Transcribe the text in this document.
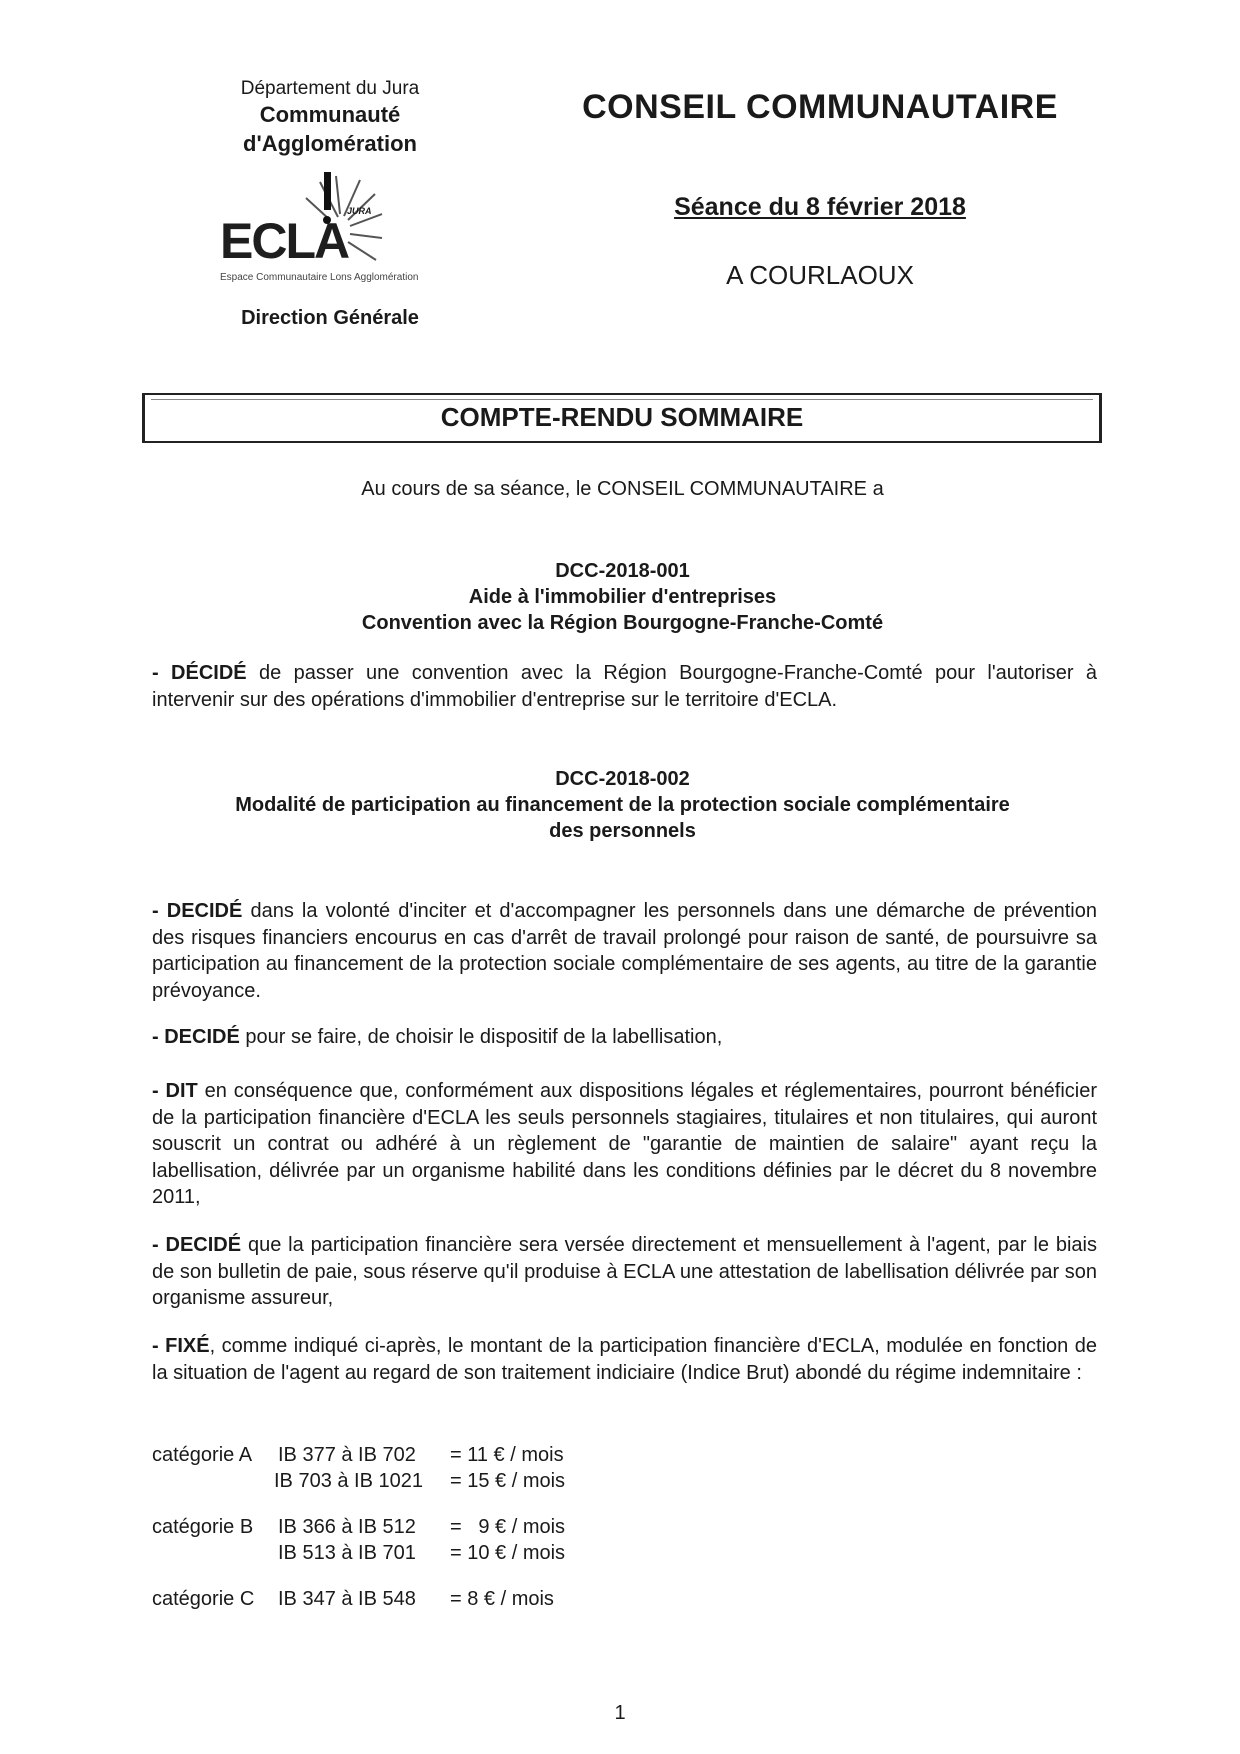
Département du Jura
Communauté
d'Agglomération
ECLA
JURA
Espace Communautaire Lons Agglomération
Direction Générale
CONSEIL COMMUNAUTAIRE
Séance du 8 février 2018
A COURLAOUX
COMPTE-RENDU SOMMAIRE
Au cours de sa séance, le CONSEIL COMMUNAUTAIRE a
DCC-2018-001
Aide à l'immobilier d'entreprises
Convention avec la Région Bourgogne-Franche-Comté
- DÉCIDÉ de passer une convention avec la Région Bourgogne-Franche-Comté pour l'autoriser à intervenir sur des opérations d'immobilier d'entreprise sur le territoire d'ECLA.
DCC-2018-002
Modalité de participation au financement de la protection sociale complémentaire
des personnels
- DECIDÉ dans la volonté d'inciter et d'accompagner les personnels dans une démarche de prévention des risques financiers encourus en cas d'arrêt de travail prolongé pour raison de santé, de poursuivre sa participation au financement de la protection sociale complémentaire de ses agents, au titre de la garantie prévoyance.
- DECIDÉ pour se faire, de choisir le dispositif de la labellisation,
- DIT en conséquence que, conformément aux dispositions légales et réglementaires, pourront bénéficier de la participation financière d'ECLA les seuls personnels stagiaires, titulaires et non titulaires, qui auront souscrit un contrat ou adhéré à un règlement de "garantie de maintien de salaire" ayant reçu la labellisation, délivrée par un organisme habilité dans les conditions définies par le décret du 8 novembre 2011,
- DECIDÉ que la participation financière sera versée directement et mensuellement à l'agent, par le biais de son bulletin de paie, sous réserve qu'il produise à ECLA une attestation de labellisation délivrée par son organisme assureur,
- FIXÉ, comme indiqué ci-après, le montant de la participation financière d'ECLA, modulée en fonction de la situation de l'agent au regard de son traitement indiciaire (Indice Brut) abondé du régime indemnitaire :
catégorie A IB 377 à IB 702 = 11 € / mois
IB 703 à IB 1021 = 15 € / mois
catégorie B IB 366 à IB 512 =   9 € / mois
IB 513 à IB 701 = 10 € / mois
catégorie C IB 347 à IB 548 = 8 € / mois
1
